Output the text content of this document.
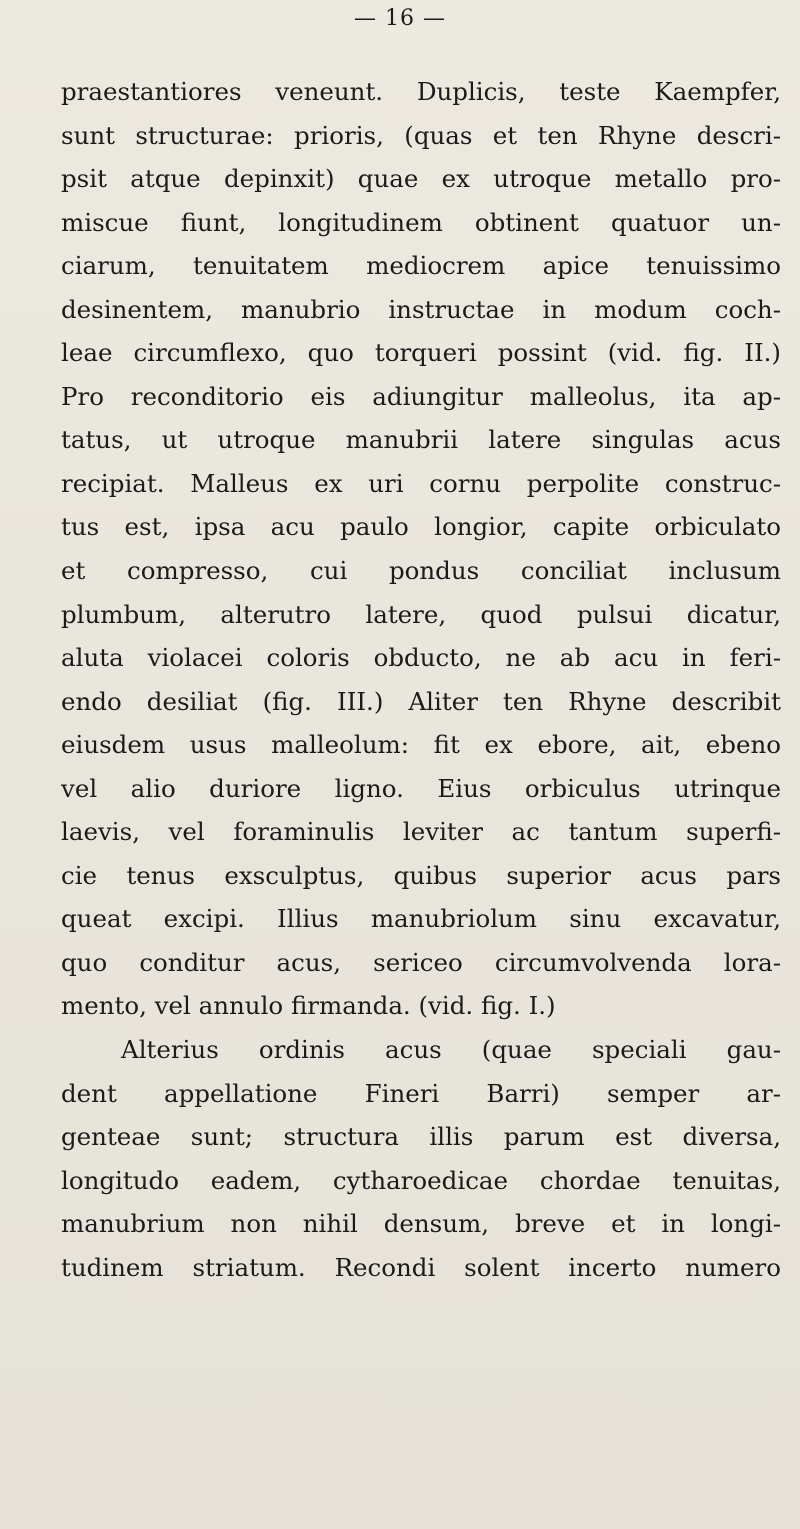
— 16 —
praestantiores veneunt. Duplicis, teste Kaempfer,
sunt structurae: prioris, (quas et ten Rhyne descri-
psit atque depinxit) quae ex utroque metallo pro-
miscue fiunt, longitudinem obtinent quatuor un-
ciarum, tenuitatem mediocrem apice tenuissimo
desinentem, manubrio instructae in modum coch-
leae circumflexo, quo torqueri possint (vid. fig. II.)
Pro reconditorio eis adiungitur malleolus, ita ap-
tatus, ut utroque manubrii latere singulas acus
recipiat. Malleus ex uri cornu perpolite construc-
tus est, ipsa acu paulo longior, capite orbiculato
et compresso, cui pondus conciliat inclusum
plumbum, alterutro latere, quod pulsui dicatur,
aluta violacei coloris obducto, ne ab acu in feri-
endo desiliat (fig. III.) Aliter ten Rhyne describit
eiusdem usus malleolum: fit ex ebore, ait, ebeno
vel alio duriore ligno. Eius orbiculus utrinque
laevis, vel foraminulis leviter ac tantum superfi-
cie tenus exsculptus, quibus superior acus pars
queat excipi. Illius manubriolum sinu excavatur,
quo conditur acus, sericeo circumvolvenda lora-
mento, vel annulo firmanda. (vid. fig. I.)
Alterius ordinis acus (quae speciali gau-
dent appellatione Fineri Barri) semper ar-
genteae sunt; structura illis parum est diversa,
longitudo eadem, cytharoedicae chordae tenuitas,
manubrium non nihil densum, breve et in longi-
tudinem striatum. Recondi solent incerto numero
